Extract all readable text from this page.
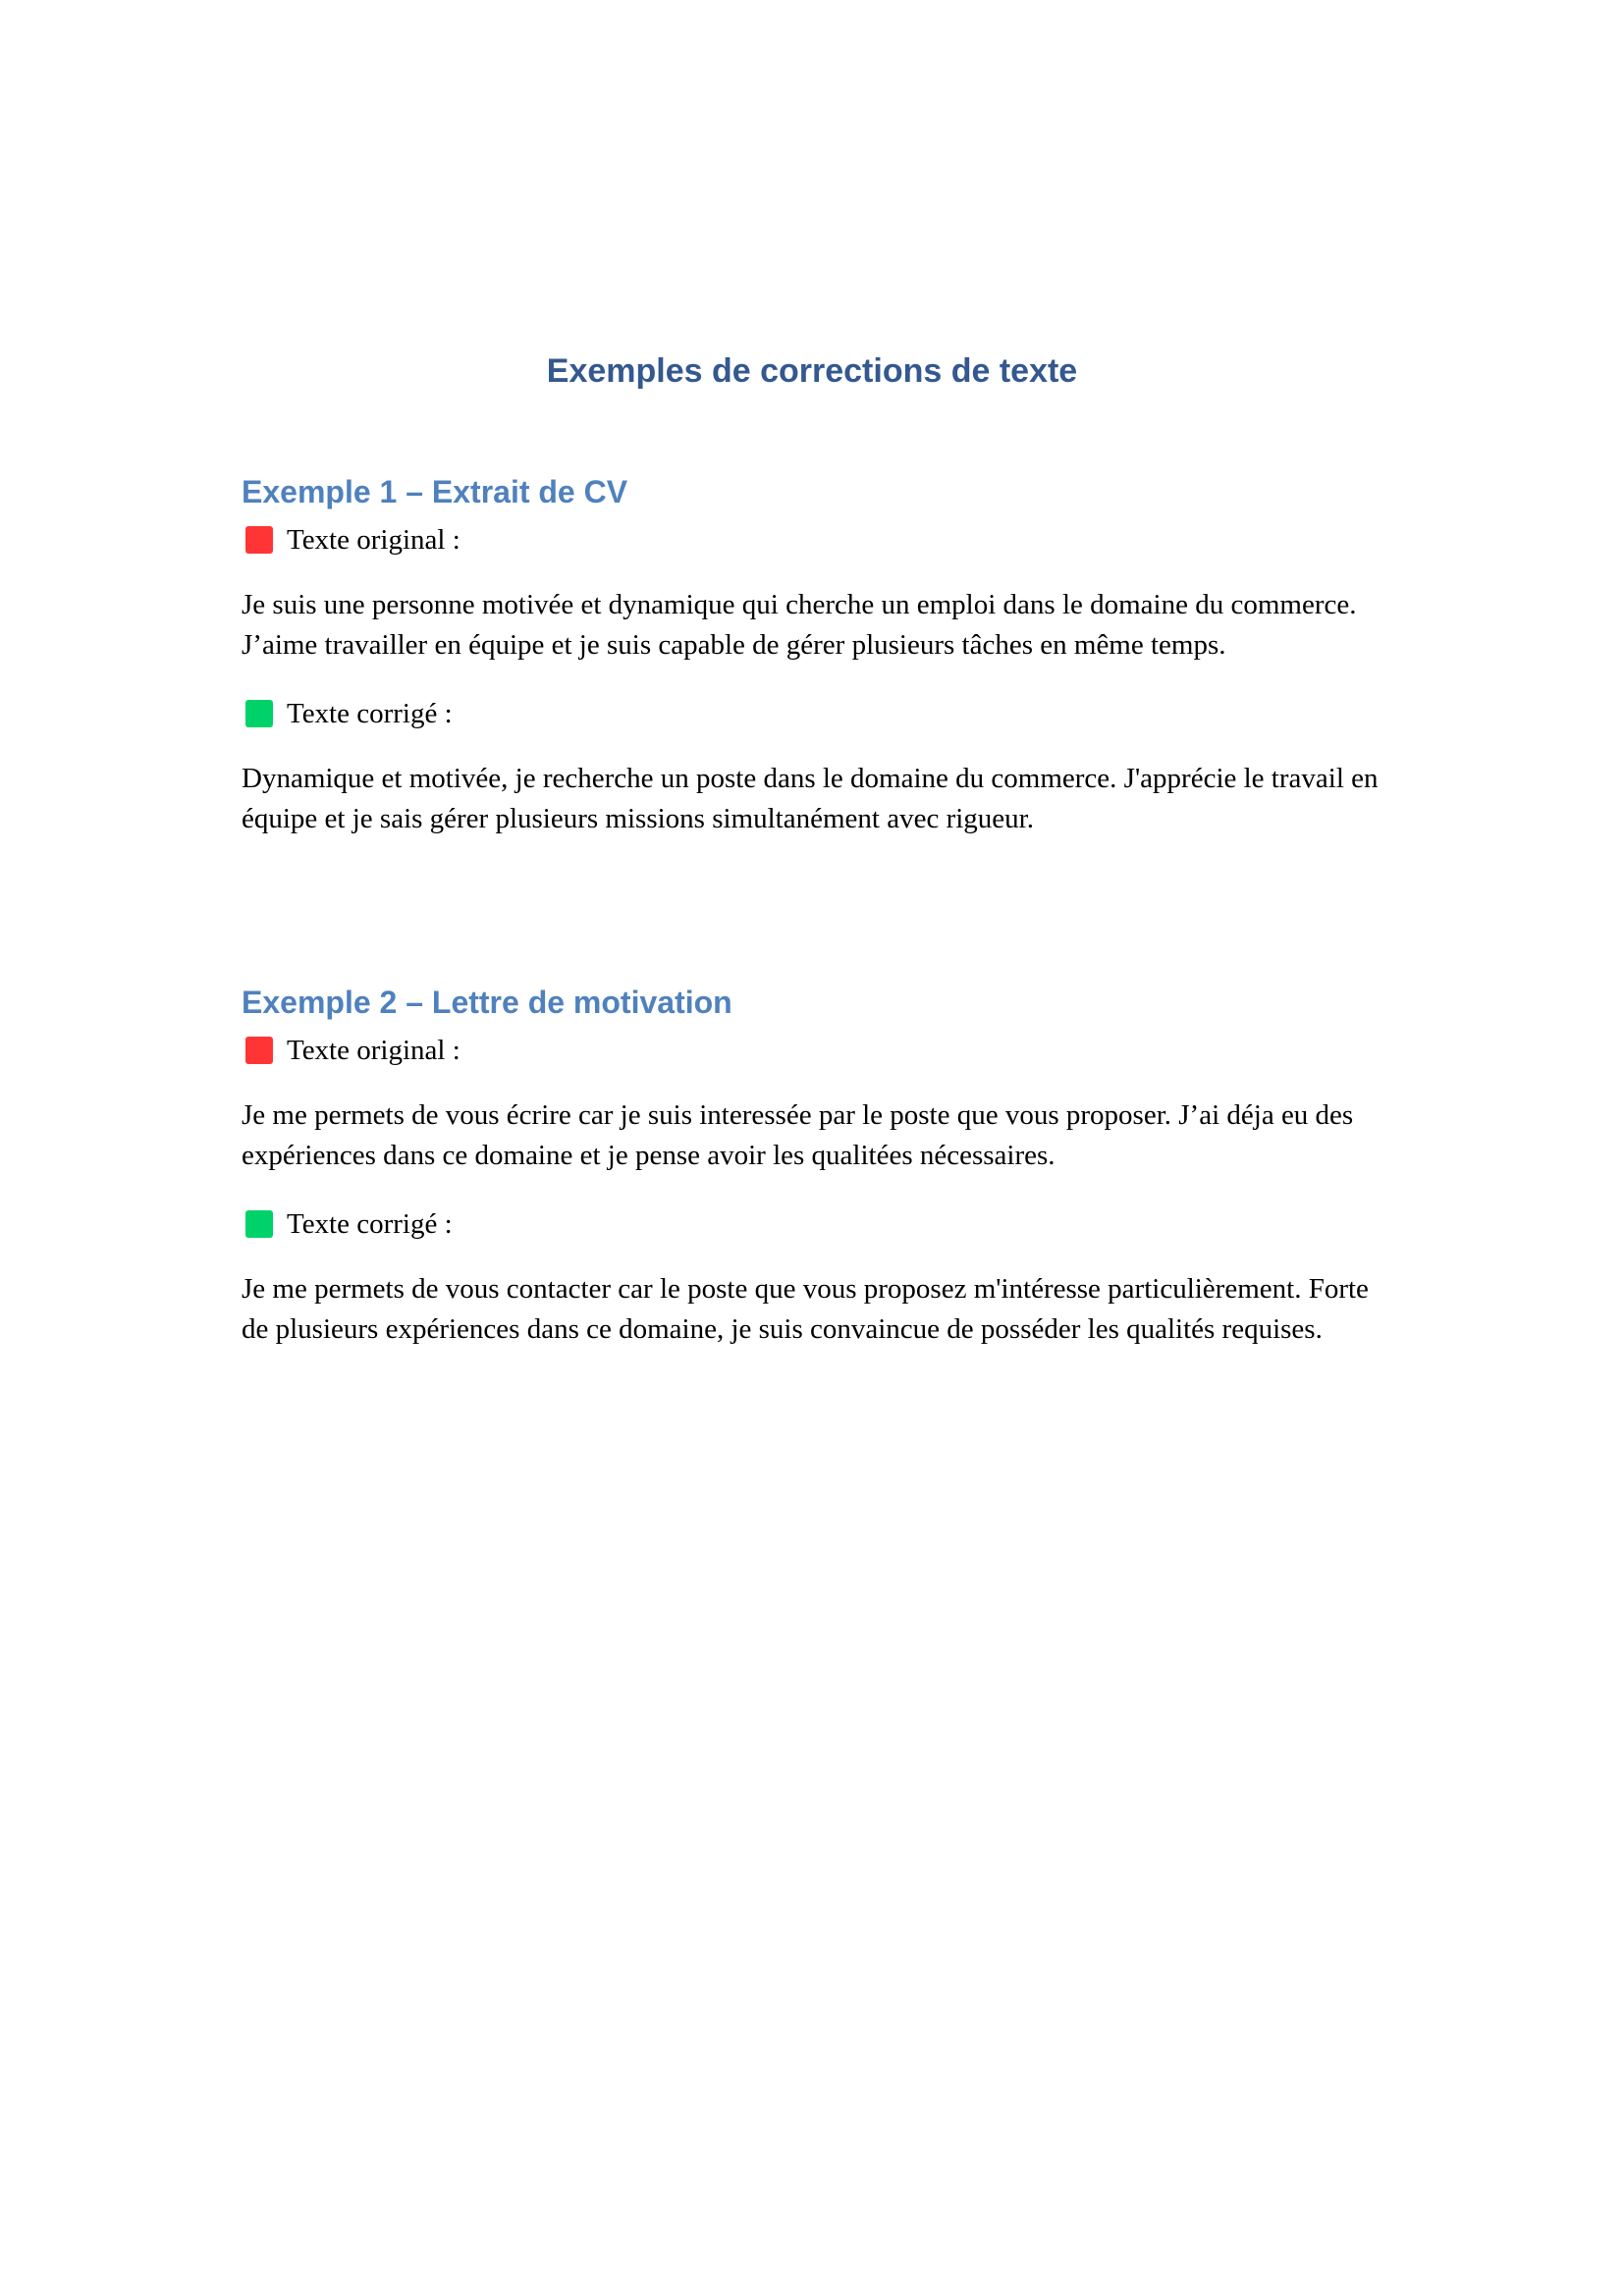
Exemples de corrections de texte
Exemple 1 – Extrait de CV

Texte original :

Je suis une personne motivée et dynamique qui cherche un emploi dans le domaine du commerce. J’aime travailler en équipe et je suis capable de gérer plusieurs tâches en même temps.

Texte corrigé :

Dynamique et motivée, je recherche un poste dans le domaine du commerce. J'apprécie le travail en équipe et je sais gérer plusieurs missions simultanément avec rigueur.

Exemple 2 – Lettre de motivation

Texte original :

Je me permets de vous écrire car je suis interessée par le poste que vous proposer. J’ai déja eu des expériences dans ce domaine et je pense avoir les qualitées nécessaires.

Texte corrigé :

Je me permets de vous contacter car le poste que vous proposez m'intéresse particulièrement. Forte de plusieurs expériences dans ce domaine, je suis convaincue de posséder les qualités requises.
